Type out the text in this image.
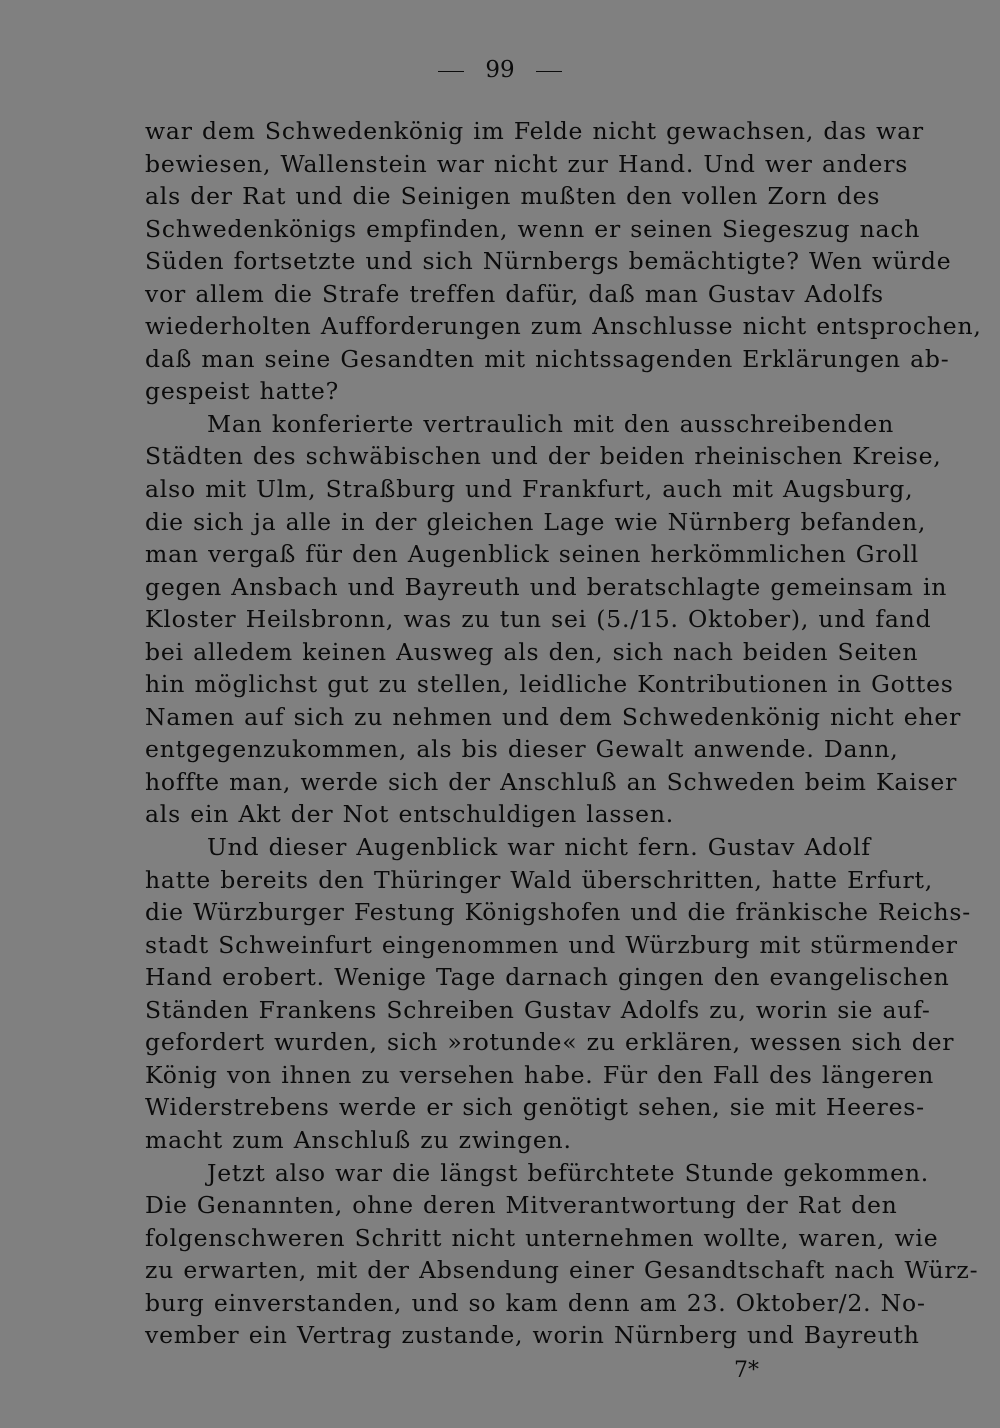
99
war dem Schwedenkönig im Felde nicht gewachsen, das war
bewiesen, Wallenstein war nicht zur Hand. Und wer anders
als der Rat und die Seinigen mußten den vollen Zorn des
Schwedenkönigs empfinden, wenn er seinen Siegeszug nach
Süden fortsetzte und sich Nürnbergs bemächtigte? Wen würde
vor allem die Strafe treffen dafür, daß man Gustav Adolfs
wiederholten Aufforderungen zum Anschlusse nicht entsprochen,
daß man seine Gesandten mit nichtssagenden Erklärungen ab-
gespeist hatte?
Man konferierte vertraulich mit den ausschreibenden
Städten des schwäbischen und der beiden rheinischen Kreise,
also mit Ulm, Straßburg und Frankfurt, auch mit Augsburg,
die sich ja alle in der gleichen Lage wie Nürnberg befanden,
man vergaß für den Augenblick seinen herkömmlichen Groll
gegen Ansbach und Bayreuth und beratschlagte gemeinsam in
Kloster Heilsbronn, was zu tun sei (5./15. Oktober), und fand
bei alledem keinen Ausweg als den, sich nach beiden Seiten
hin möglichst gut zu stellen, leidliche Kontributionen in Gottes
Namen auf sich zu nehmen und dem Schwedenkönig nicht eher
entgegenzukommen, als bis dieser Gewalt anwende. Dann,
hoffte man, werde sich der Anschluß an Schweden beim Kaiser
als ein Akt der Not entschuldigen lassen.
Und dieser Augenblick war nicht fern. Gustav Adolf
hatte bereits den Thüringer Wald überschritten, hatte Erfurt,
die Würzburger Festung Königshofen und die fränkische Reichs-
stadt Schweinfurt eingenommen und Würzburg mit stürmender
Hand erobert. Wenige Tage darnach gingen den evangelischen
Ständen Frankens Schreiben Gustav Adolfs zu, worin sie auf-
gefordert wurden, sich »rotunde« zu erklären, wessen sich der
König von ihnen zu versehen habe. Für den Fall des längeren
Widerstrebens werde er sich genötigt sehen, sie mit Heeres-
macht zum Anschluß zu zwingen.
Jetzt also war die längst befürchtete Stunde gekommen.
Die Genannten, ohne deren Mitverantwortung der Rat den
folgenschweren Schritt nicht unternehmen wollte, waren, wie
zu erwarten, mit der Absendung einer Gesandtschaft nach Würz-
burg einverstanden, und so kam denn am 23. Oktober/2. No-
vember ein Vertrag zustande, worin Nürnberg und Bayreuth
7*
